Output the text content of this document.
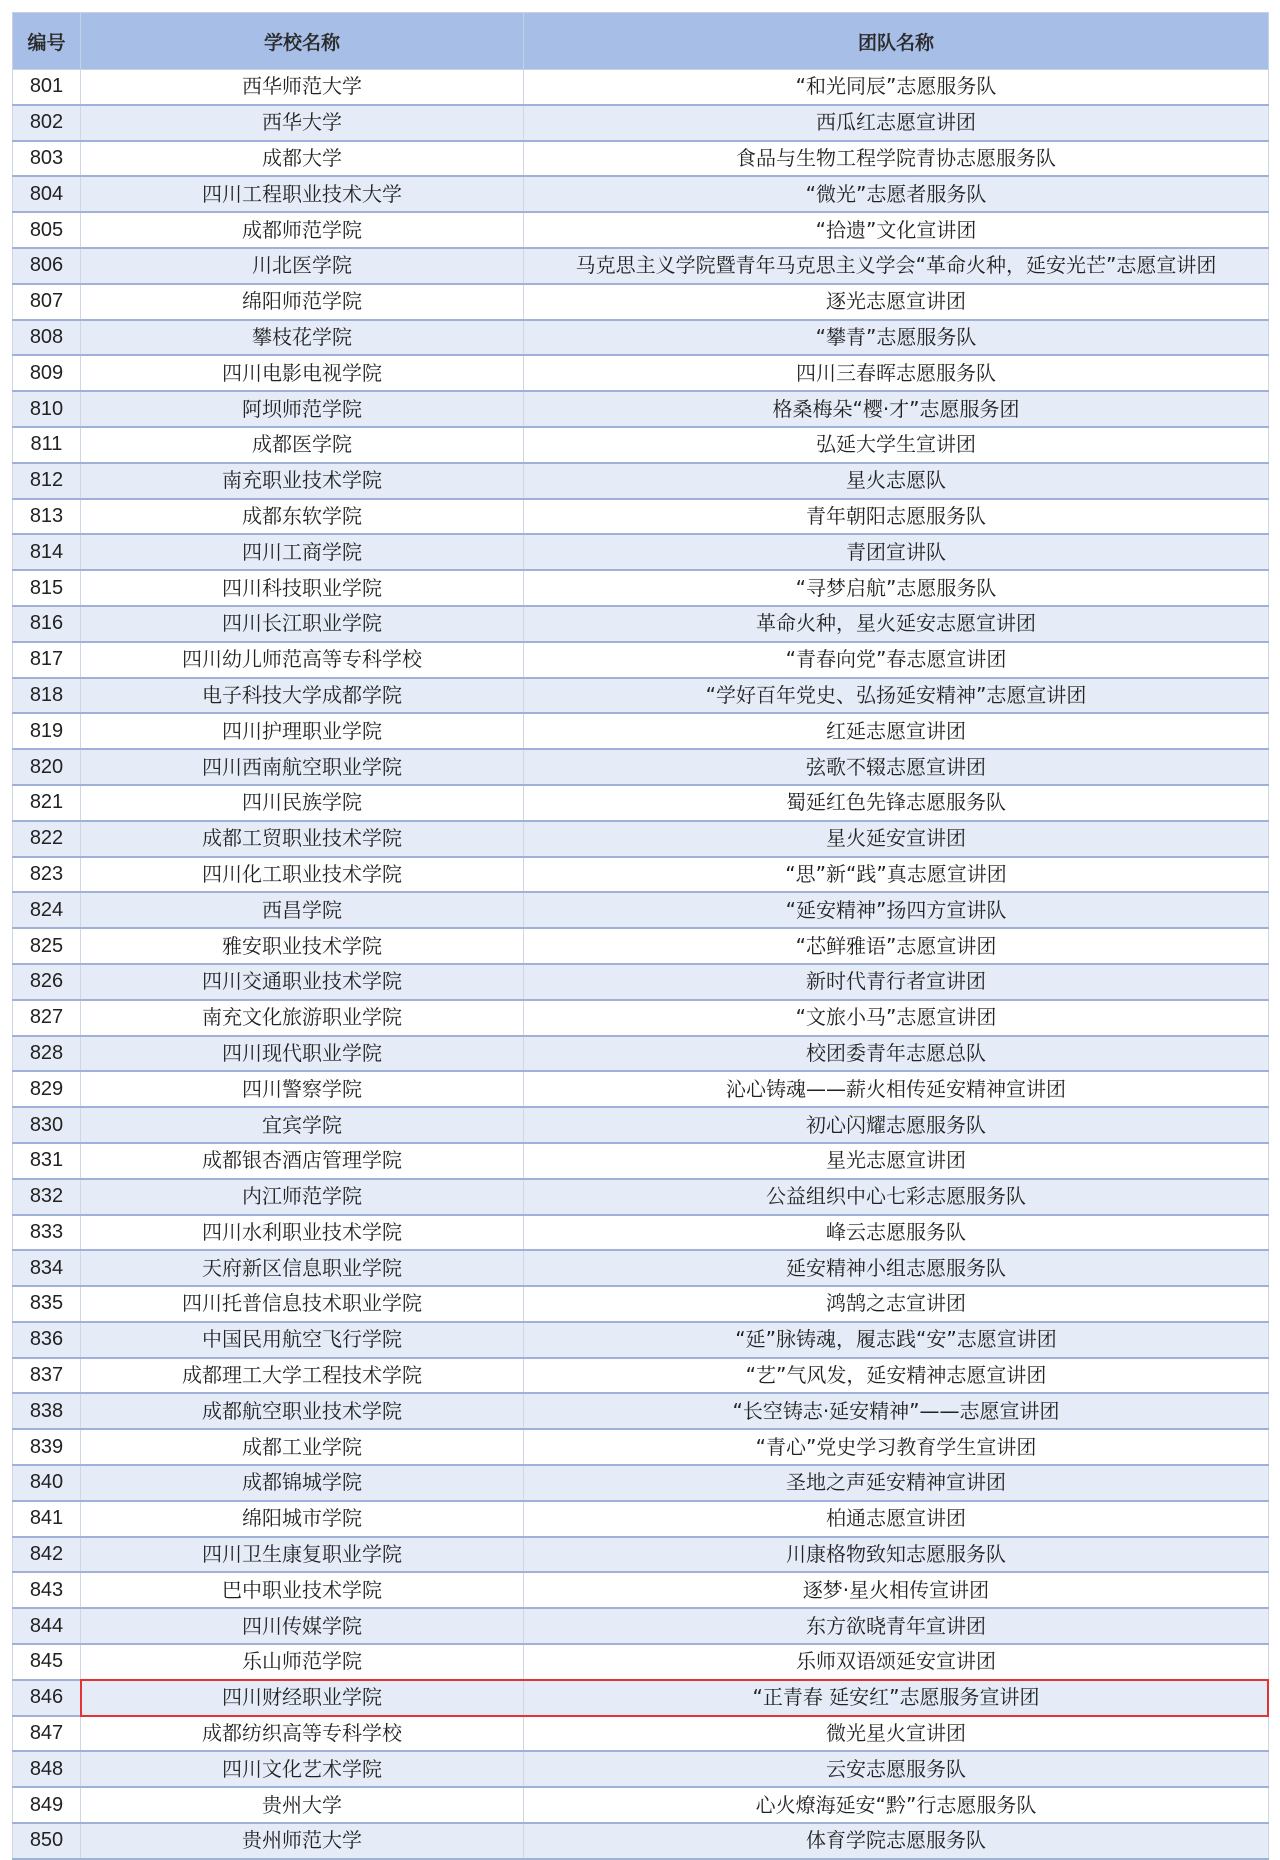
编号	学校名称	团队名称
801	西华师范大学	“和光同辰”志愿服务队
802	西华大学	西瓜红志愿宣讲团
803	成都大学	食品与生物工程学院青协志愿服务队
804	四川工程职业技术大学	“微光”志愿者服务队
805	成都师范学院	“拾遗”文化宣讲团
806	川北医学院	马克思主义学院暨青年马克思主义学会“革命火种，延安光芒”志愿宣讲团
807	绵阳师范学院	逐光志愿宣讲团
808	攀枝花学院	“攀青”志愿服务队
809	四川电影电视学院	四川三春晖志愿服务队
810	阿坝师范学院	格桑梅朵“樱·才”志愿服务团
811	成都医学院	弘延大学生宣讲团
812	南充职业技术学院	星火志愿队
813	成都东软学院	青年朝阳志愿服务队
814	四川工商学院	青团宣讲队
815	四川科技职业学院	“寻梦启航”志愿服务队
816	四川长江职业学院	革命火种，星火延安志愿宣讲团
817	四川幼儿师范高等专科学校	“青春向党”春志愿宣讲团
818	电子科技大学成都学院	“学好百年党史、弘扬延安精神”志愿宣讲团
819	四川护理职业学院	红延志愿宣讲团
820	四川西南航空职业学院	弦歌不辍志愿宣讲团
821	四川民族学院	蜀延红色先锋志愿服务队
822	成都工贸职业技术学院	星火延安宣讲团
823	四川化工职业技术学院	“思”新“践”真志愿宣讲团
824	西昌学院	“延安精神”扬四方宣讲队
825	雅安职业技术学院	“芯鲜雅语”志愿宣讲团
826	四川交通职业技术学院	新时代青行者宣讲团
827	南充文化旅游职业学院	“文旅小马”志愿宣讲团
828	四川现代职业学院	校团委青年志愿总队
829	四川警察学院	沁心铸魂——薪火相传延安精神宣讲团
830	宜宾学院	初心闪耀志愿服务队
831	成都银杏酒店管理学院	星光志愿宣讲团
832	内江师范学院	公益组织中心七彩志愿服务队
833	四川水利职业技术学院	峰云志愿服务队
834	天府新区信息职业学院	延安精神小组志愿服务队
835	四川托普信息技术职业学院	鸿鹄之志宣讲团
836	中国民用航空飞行学院	“延”脉铸魂，履志践“安”志愿宣讲团
837	成都理工大学工程技术学院	“艺”气风发，延安精神志愿宣讲团
838	成都航空职业技术学院	“长空铸志·延安精神”——志愿宣讲团
839	成都工业学院	“青心”党史学习教育学生宣讲团
840	成都锦城学院	圣地之声延安精神宣讲团
841	绵阳城市学院	柏通志愿宣讲团
842	四川卫生康复职业学院	川康格物致知志愿服务队
843	巴中职业技术学院	逐梦·星火相传宣讲团
844	四川传媒学院	东方欲晓青年宣讲团
845	乐山师范学院	乐师双语颂延安宣讲团
846	四川财经职业学院	“正青春 延安红”志愿服务宣讲团
847	成都纺织高等专科学校	微光星火宣讲团
848	四川文化艺术学院	云安志愿服务队
849	贵州大学	心火燎海延安“黔”行志愿服务队
850	贵州师范大学	体育学院志愿服务队
